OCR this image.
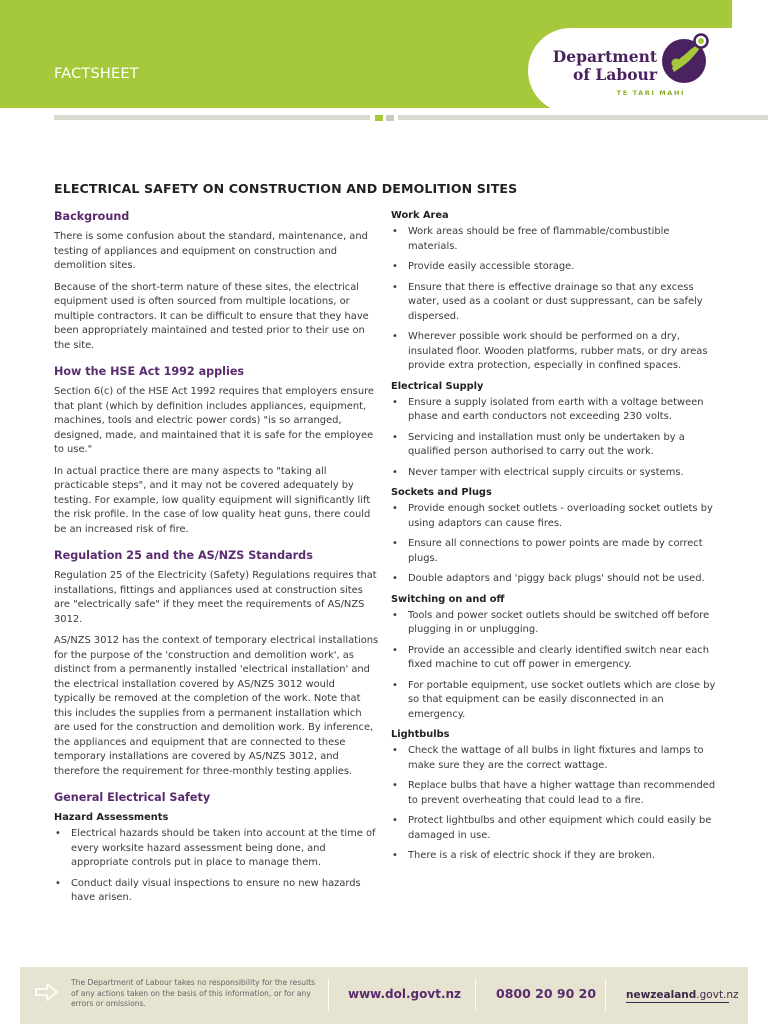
FACTSHEET
Department
of Labour
TE TARI MAHI
ELECTRICAL SAFETY ON CONSTRUCTION AND DEMOLITION SITES
Background
There is some confusion about the standard, maintenance, and testing of appliances and equipment on construction and demolition sites.
Because of the short-term nature of these sites, the electrical equipment used is often sourced from multiple locations, or multiple contractors. It can be difficult to ensure that they have been appropriately maintained and tested prior to their use on the site.
How the HSE Act 1992 applies
Section 6(c) of the HSE Act 1992 requires that employers ensure that plant (which by definition includes appliances, equipment, machines, tools and electric power cords) "is so arranged, designed, made, and maintained that it is safe for the employee to use."
In actual practice there are many aspects to "taking all practicable steps", and it may not be covered adequately by testing. For example, low quality equipment will significantly lift the risk profile. In the case of low quality heat guns, there could be an increased risk of fire.
Regulation 25 and the AS/NZS Standards
Regulation 25 of the Electricity (Safety) Regulations requires that installations, fittings and appliances used at construction sites are "electrically safe" if they meet the requirements of AS/NZS 3012.
AS/NZS 3012 has the context of temporary electrical installations for the purpose of the 'construction and demolition work', as distinct from a permanently installed 'electrical installation' and the electrical installation covered by AS/NZS 3012 would typically be removed at the completion of the work. Note that this includes the supplies from a permanent installation which are used for the construction and demolition work. By inference, the appliances and equipment that are connected to these temporary installations are covered by AS/NZS 3012, and therefore the requirement for three-monthly testing applies.
General Electrical Safety
Hazard Assessments
• Electrical hazards should be taken into account at the time of every worksite hazard assessment being done, and appropriate controls put in place to manage them.
• Conduct daily visual inspections to ensure no new hazards have arisen.
Work Area
• Work areas should be free of flammable/combustible materials.
• Provide easily accessible storage.
• Ensure that there is effective drainage so that any excess water, used as a coolant or dust suppressant, can be safely dispersed.
• Wherever possible work should be performed on a dry, insulated floor. Wooden platforms, rubber mats, or dry areas provide extra protection, especially in confined spaces.
Electrical Supply
• Ensure a supply isolated from earth with a voltage between phase and earth conductors not exceeding 230 volts.
• Servicing and installation must only be undertaken by a qualified person authorised to carry out the work.
• Never tamper with electrical supply circuits or systems.
Sockets and Plugs
• Provide enough socket outlets - overloading socket outlets by using adaptors can cause fires.
• Ensure all connections to power points are made by correct plugs.
• Double adaptors and 'piggy back plugs' should not be used.
Switching on and off
• Tools and power socket outlets should be switched off before plugging in or unplugging.
• Provide an accessible and clearly identified switch near each fixed machine to cut off power in emergency.
• For portable equipment, use socket outlets which are close by so that equipment can be easily disconnected in an emergency.
Lightbulbs
• Check the wattage of all bulbs in light fixtures and lamps to make sure they are the correct wattage.
• Replace bulbs that have a higher wattage than recommended to prevent overheating that could lead to a fire.
• Protect lightbulbs and other equipment which could easily be damaged in use.
• There is a risk of electric shock if they are broken.
The Department of Labour takes no responsibility for the results of any actions taken on the basis of this information, or for any errors or omissions.
www.dol.govt.nz	0800 20 90 20	newzealand.govt.nz
